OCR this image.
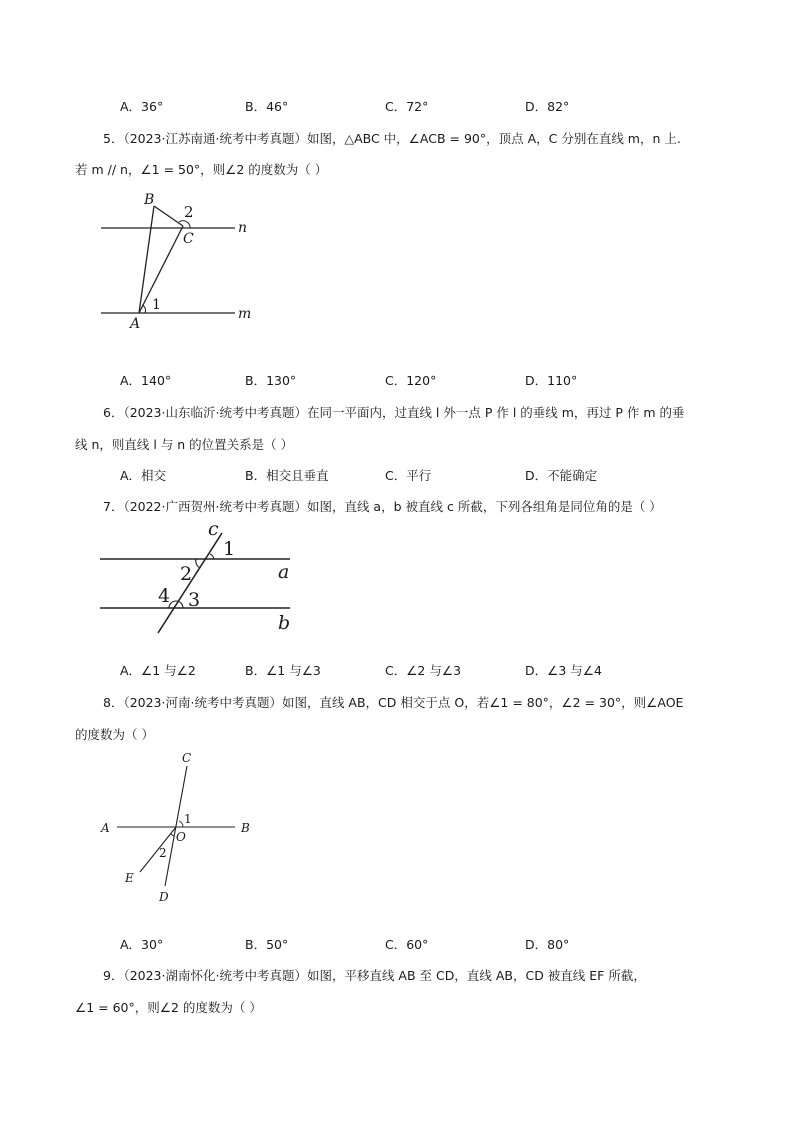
A．36°	B．46°	C．72°	D．82°
5．（2023·江苏南通·统考中考真题）如图，△ABC 中，∠ACB = 90°，顶点 A，C 分别在直线 m，n 上.
若 m // n，∠1 = 50°，则∠2 的度数为（ ）
B
2
C
n
1
A
m
A．140°	B．130°	C．120°	D．110°
6．（2023·山东临沂·统考中考真题）在同一平面内，过直线 l 外一点 P 作 l 的垂线 m，再过 P 作 m 的垂
线 n，则直线 l 与 n 的位置关系是（ ）
A．相交	B．相交且垂直	C．平行	D．不能确定
7．（2022·广西贺州·统考中考真题）如图，直线 a，b 被直线 c 所截，下列各组角是同位角的是（ ）
c
1
2	a
4 3
b
A．∠1 与∠2	B．∠1 与∠3	C．∠2 与∠3	D．∠3 与∠4
8．（2023·河南·统考中考真题）如图，直线 AB，CD 相交于点 O，若∠1 = 80°，∠2 = 30°，则∠AOE
的度数为（ ）
C
A
1
B
O
2
E
D
A．30°	B．50°	C．60°	D．80°
9．（2023·湖南怀化·统考中考真题）如图，平移直线 AB 至 CD，直线 AB，CD 被直线 EF 所截，
∠1 = 60°，则∠2 的度数为（ ）
